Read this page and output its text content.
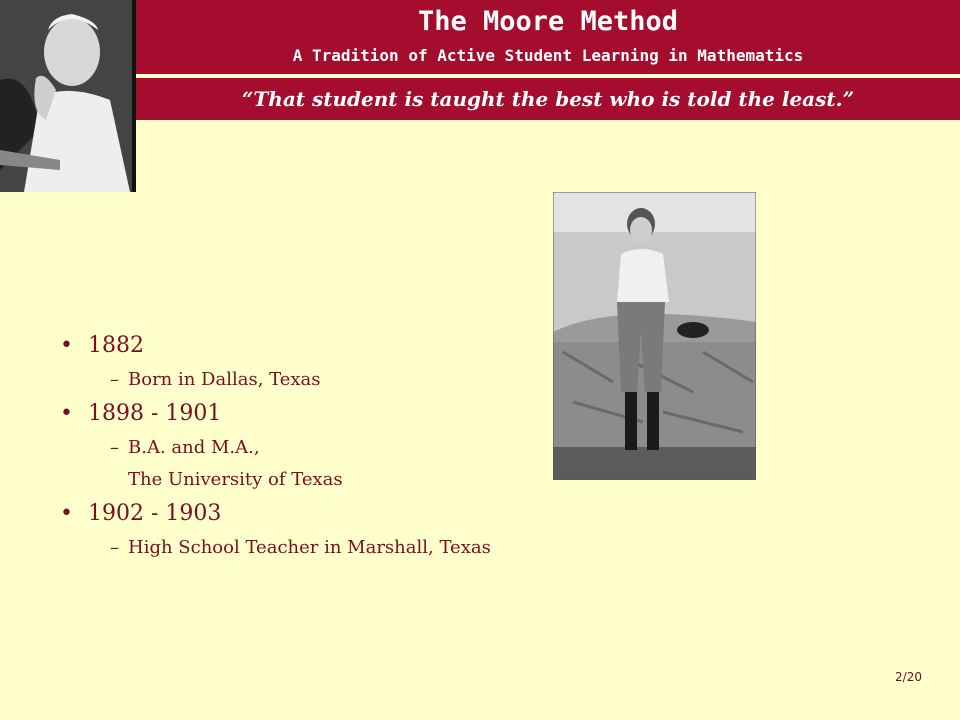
The Moore Method
A Tradition of Active Student Learning in Mathematics
“That student is taught the best who is told the least.”
• 1882
– Born in Dallas, Texas
• 1898 - 1901
– B.A. and M.A.,
The University of Texas
• 1902 - 1903
– High School Teacher in Marshall, Texas
2/20
